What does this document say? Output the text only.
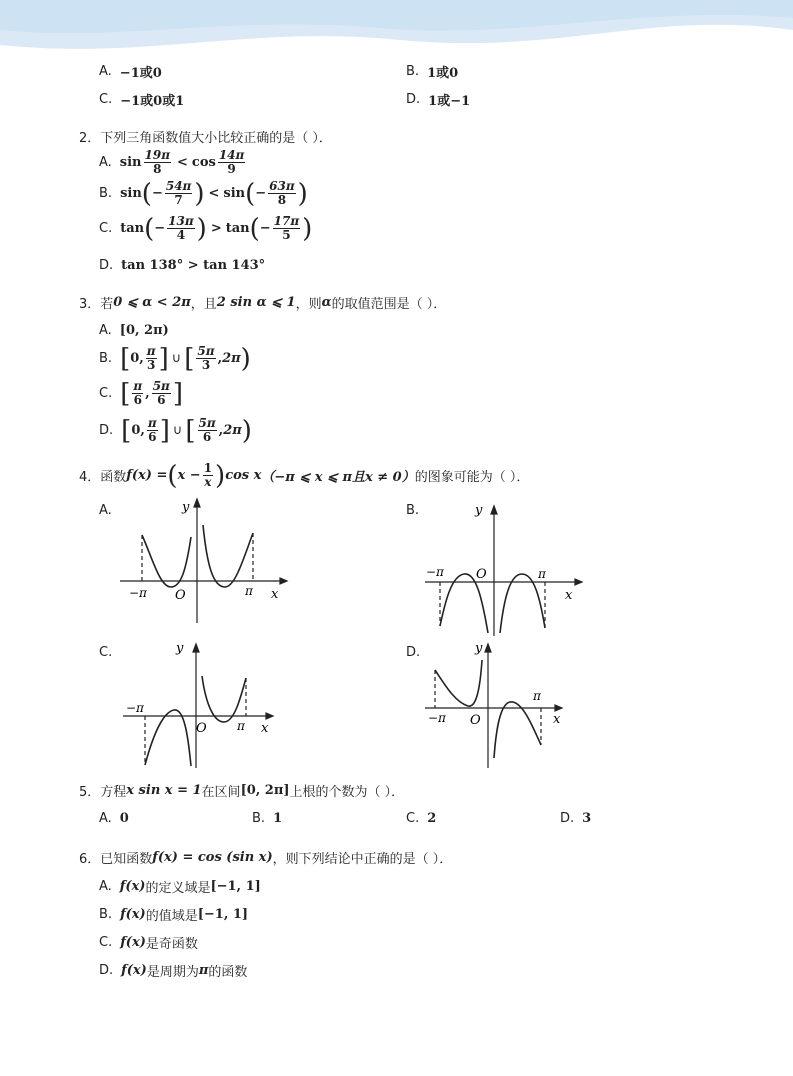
A. −1或0	B. 1或0
C. −1或0或1	D. 1或−1
2．下列三角函数值大小比较正确的是（ ）．
A. $\sin \frac{19\pi}{8} < \cos \frac{14\pi}{9}$
B. sin ( − $\frac{54\pi}{7}$ ) < sin ( − $\frac{63\pi}{8}$ )
C. tan ( − $\frac{13\pi}{4}$ ) > tan ( − $\frac{17\pi}{5}$ )
D. tan 138° > tan 143°
3．若 0 ⩽ α < 2π ，且 2 sin α ⩽ 1 ，则 α 的取值范围是（ ）．
A. [0, 2π)
B. [ 0, $\frac{\pi}{3}$ ] ∪ [ $\frac{5\pi}{3}$ , 2π )
C. [ $\frac{\pi}{6}$ , $\frac{5\pi}{6}$ ]
D. [ 0, $\frac{\pi}{6}$ ] ∪ [ $\frac{5\pi}{6}$ , 2π )
4．函数 f(x) = ( $x - \frac{1}{x}$ ) cos x （−π ⩽ x ⩽ π且x ≠ 0） 的图象可能为（ ）．
A.	B.
C.	D.
−π O	π x
y
−π O	π
x
y
−π
O	π x
y
−π O
π
x
y
5．方程 x sin x = 1 在区间 [0, 2π] 上根的个数为（ ）．
A. 0	B. 1	C. 2	D. 3
6．已知函数 f(x) = cos (sin x) ，则下列结论中正确的是（ ）．
A. f(x) 的定义域是 [−1, 1]
B. f(x) 的值域是 [−1, 1]
C. f(x) 是奇函数
D. f(x) 是周期为 π 的函数
